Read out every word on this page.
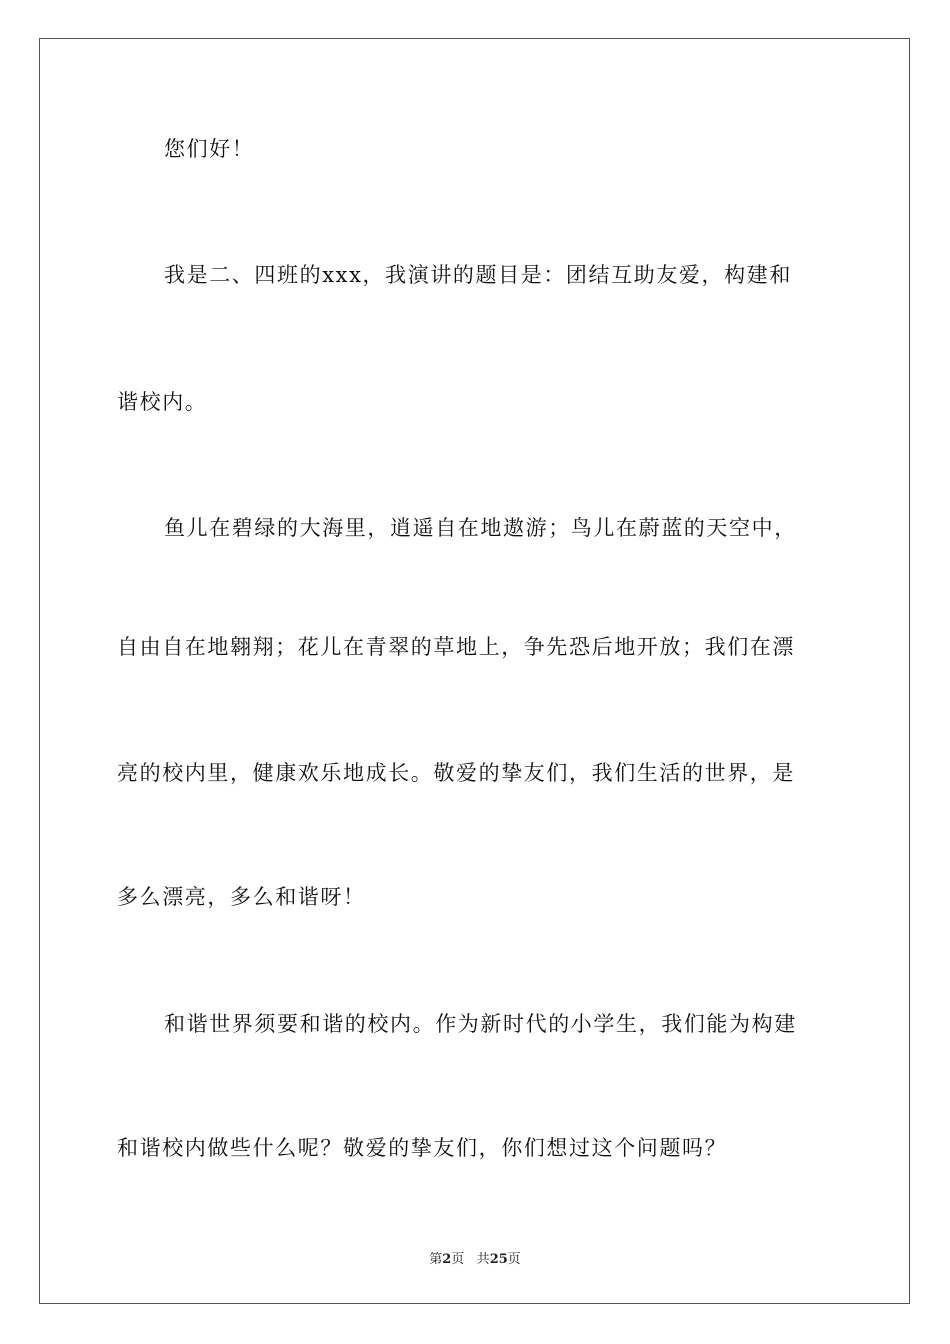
您们好！
我是二、四班的xxx，我演讲的题目是：团结互助友爱，构建和
谐校内。
鱼儿在碧绿的大海里，逍遥自在地遨游；鸟儿在蔚蓝的天空中，
自由自在地翱翔；花儿在青翠的草地上，争先恐后地开放；我们在漂
亮的校内里，健康欢乐地成长。敬爱的挚友们，我们生活的世界，是
多么漂亮，多么和谐呀！
和谐世界须要和谐的校内。作为新时代的小学生，我们能为构建
和谐校内做些什么呢？敬爱的挚友们，你们想过这个问题吗？
第2页 共25页
